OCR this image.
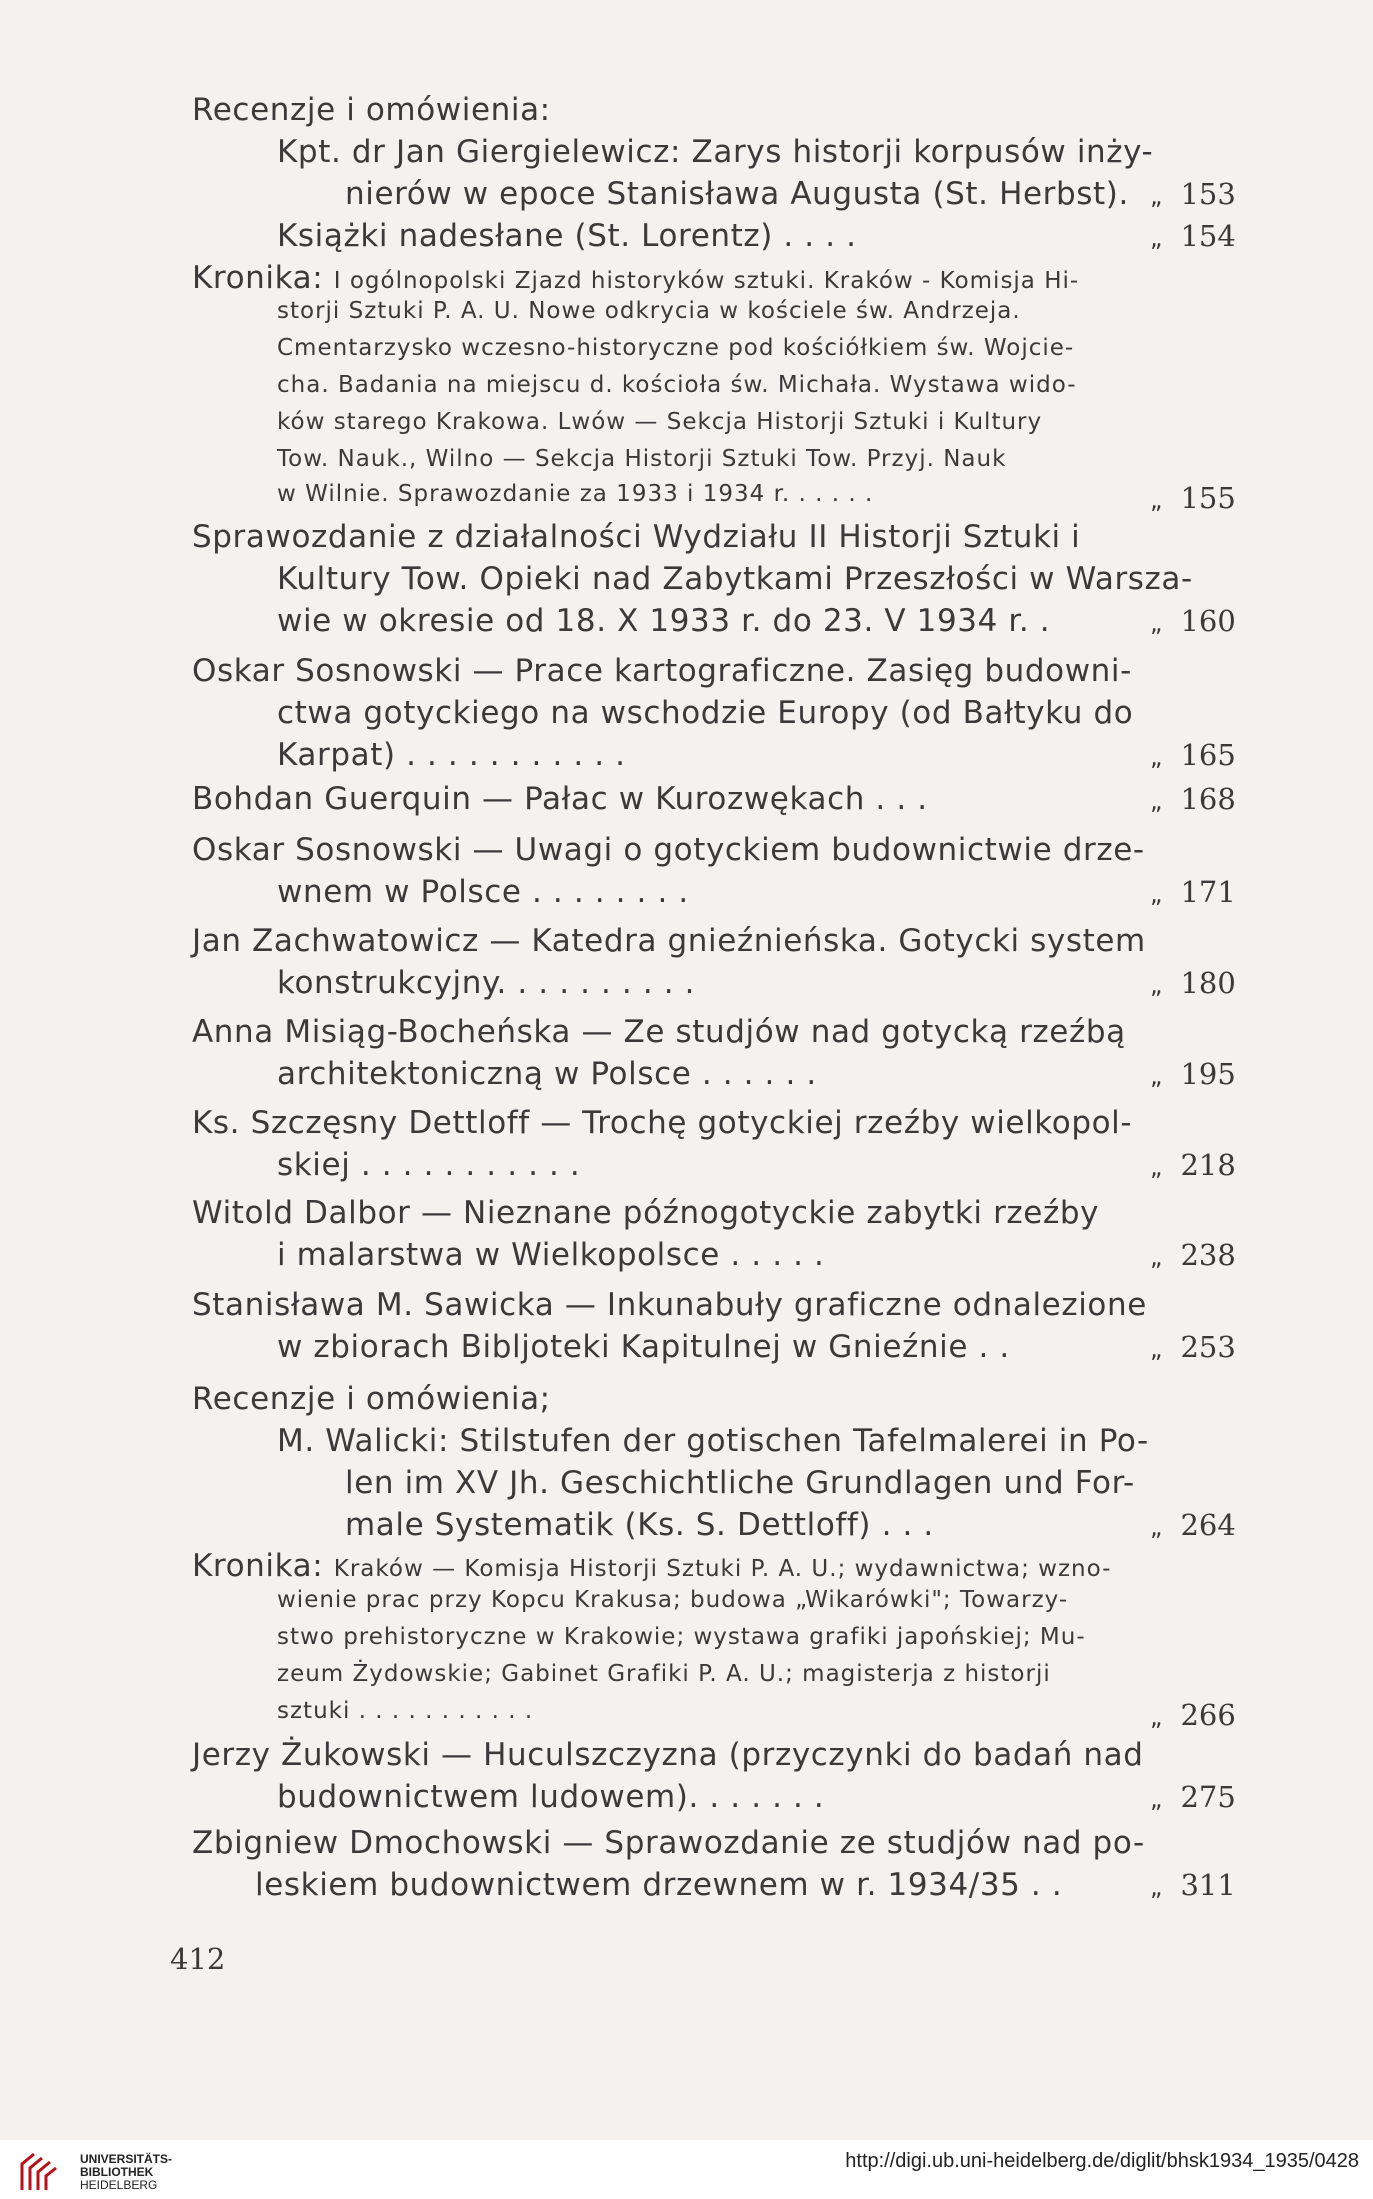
Recenzje i omówienia:
Kpt. dr Jan Giergielewicz: Zarys historji korpusów inży-
nierów w epoce Stanisława Augusta (St. Herbst).
Książki nadesłane (St. Lorentz) . . . .
Kronika: I ogólnopolski Zjazd historyków sztuki. Kraków - Komisja Hi-
storji Sztuki P. A. U. Nowe odkrycia w kościele św. Andrzeja.
Cmentarzysko wczesno-historyczne pod kościółkiem św. Wojcie-
cha. Badania na miejscu d. kościoła św. Michała. Wystawa wido-
ków starego Krakowa. Lwów — Sekcja Historji Sztuki i Kultury
Tow. Nauk., Wilno — Sekcja Historji Sztuki Tow. Przyj. Nauk
w Wilnie. Sprawozdanie za 1933 i 1934 r. . . . . .
Sprawozdanie z działalności Wydziału II Historji Sztuki i
Kultury Tow. Opieki nad Zabytkami Przeszłości w Warsza-
wie w okresie od 18. X 1933 r. do 23. V 1934 r. .
Oskar Sosnowski — Prace kartograficzne. Zasięg budowni-
ctwa gotyckiego na wschodzie Europy (od Bałtyku do
Karpat) . . . . . . . . . . .
Bohdan Guerquin — Pałac w Kurozwękach . . .
Oskar Sosnowski — Uwagi o gotyckiem budownictwie drze-
wnem w Polsce . . . . . . . .
Jan Zachwatowicz — Katedra gnieźnieńska. Gotycki system
konstrukcyjny. . . . . . . . . .
Anna Misiąg-Bocheńska — Ze studjów nad gotycką rzeźbą
architektoniczną w Polsce . . . . . .
Ks. Szczęsny Dettloff — Trochę gotyckiej rzeźby wielkopol-
skiej . . . . . . . . . . .
Witold Dalbor — Nieznane późnogotyckie zabytki rzeźby
i malarstwa w Wielkopolsce . . . . .
Stanisława M. Sawicka — Inkunabuły graficzne odnalezione
w zbiorach Bibljoteki Kapitulnej w Gnieźnie . .
Recenzje i omówienia;
M. Walicki: Stilstufen der gotischen Tafelmalerei in Po-
len im XV Jh. Geschichtliche Grundlagen und For-
male Systematik (Ks. S. Dettloff) . . .
Kronika: Kraków — Komisja Historji Sztuki P. A. U.; wydawnictwa; wzno-
wienie prac przy Kopcu Krakusa; budowa „Wikarówki"; Towarzy-
stwo prehistoryczne w Krakowie; wystawa grafiki japońskiej; Mu-
zeum Żydowskie; Gabinet Grafiki P. A. U.; magisterja z historji
sztuki . . . . . . . . . . .
Jerzy Żukowski — Huculszczyzna (przyczynki do badań nad
budownictwem ludowem). . . . . . .
Zbigniew Dmochowski — Sprawozdanie ze studjów nad po-
leskiem budownictwem drzewnem w r. 1934/35 . .
„ 153
„ 154
„ 155
„ 160
„ 165
„ 168
„ 171
„ 180
„ 195
„ 218
„ 238
„ 253
„ 264
„ 266
„ 275
„ 311
412
UNIVERSITÄTS-
BIBLIOTHEK
HEIDELBERG
http://digi.ub.uni-heidelberg.de/diglit/bhsk1934_1935/0428
